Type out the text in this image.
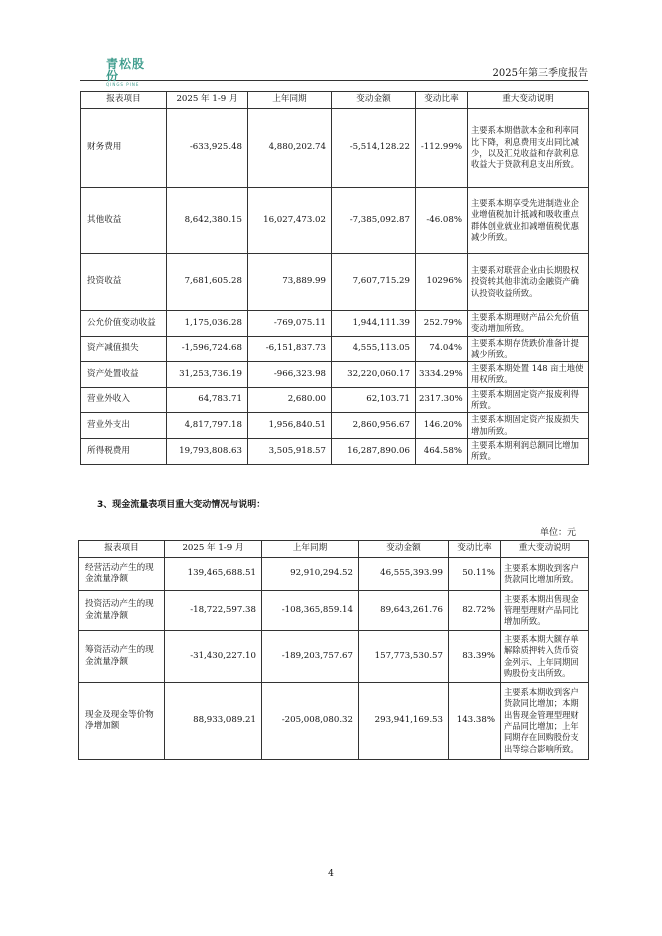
青松股份
QINGS PINE
2025年第三季度报告
报表项目	2025 年 1-9 月	上年同期	变动金额	变动比率	重大变动说明
财务费用	-633,925.48	4,880,202.74	-5,514,128.22	-112.99%	主要系本期借款本金和利率同比下降，利息费用支出同比减少，以及汇兑收益和存款利息收益大于贷款利息支出所致。
其他收益	8,642,380.15	16,027,473.02	-7,385,092.87	-46.08%	主要系本期享受先进制造业企业增值税加计抵减和吸收重点群体创业就业扣减增值税优惠减少所致。
投资收益	7,681,605.28	73,889.99	7,607,715.29	10296%	主要系对联营企业由长期股权投资转其他非流动金融资产确认投资收益所致。
公允价值变动收益	1,175,036.28	-769,075.11	1,944,111.39	252.79%	主要系本期理财产品公允价值变动增加所致。
资产减值损失	-1,596,724.68	-6,151,837.73	4,555,113.05	74.04%	主要系本期存货跌价准备计提减少所致。
资产处置收益	31,253,736.19	-966,323.98	32,220,060.17	3334.29%	主要系本期处置 148 亩土地使用权所致。
营业外收入	64,783.71	2,680.00	62,103.71	2317.30%	主要系本期固定资产报废利得所致。
营业外支出	4,817,797.18	1,956,840.51	2,860,956.67	146.20%	主要系本期固定资产报废损失增加所致。
所得税费用	19,793,808.63	3,505,918.57	16,287,890.06	464.58%	主要系本期利润总额同比增加所致。
3、现金流量表项目重大变动情况与说明：
单位：元
报表项目	2025 年 1-9 月	上年同期	变动金额	变动比率	重大变动说明
经营活动产生的现金流量净额	139,465,688.51	92,910,294.52	46,555,393.99	50.11%	主要系本期收到客户货款同比增加所致。
投资活动产生的现金流量净额	-18,722,597.38	-108,365,859.14	89,643,261.76	82.72%	主要系本期出售现金管理型理财产品同比增加所致。
筹资活动产生的现金流量净额	-31,430,227.10	-189,203,757.67	157,773,530.57	83.39%	主要系本期大额存单解除质押转入货币资金列示、上年同期回购股份支出所致。
现金及现金等价物净增加额	88,933,089.21	-205,008,080.32	293,941,169.53	143.38%	主要系本期收到客户货款同比增加；本期出售现金管理型理财产品同比增加；上年同期存在回购股份支出等综合影响所致。
4
